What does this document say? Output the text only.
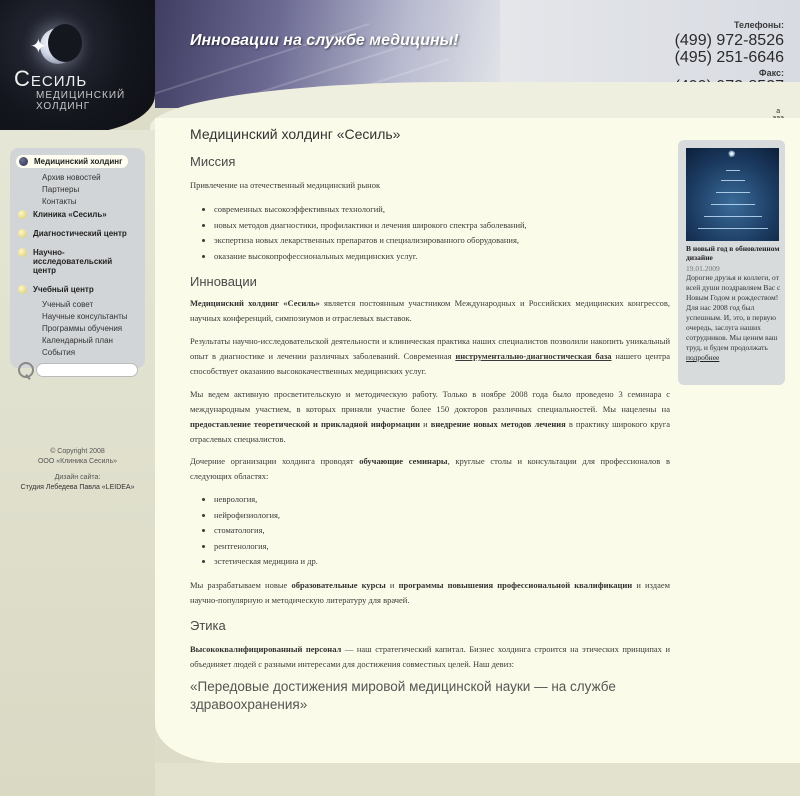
✦
Сесиль
МЕДИЦИНСКИЙ ХОЛДИНГ
Телефоны:
(499) 972-8526
(495) 251-6646
Факс:
Инновации на службе медицины!
a
Медицинский холдинг «Сесиль»
Миссия
Привлечение на отечественный медицинский рынок
• современных высокоэффективных технологий,
• новых методов диагностики, профилактики и лечения широкого спектра заболеваний,
• экспертиза новых лекарственных препаратов и специализированного оборудования,
• оказание высокопрофессиональных медицинских услуг.
Инновации
Медицинский холдинг «Сесиль» является постоянным участником Международных и Российских медицинских конгрессов, научных конференций, симпозиумов и отраслевых выставок.
Результаты научно-исследовательской деятельности и клиническая практика наших специалистов позволили накопить уникальный опыт в диагностике и лечении различных заболеваний. Современная инструментально-диагностическая база нашего центра способствует оказанию высококачественных медицинских услуг.
Мы ведем активную просветительскую и методическую работу. Только в ноябре 2008 года было проведено 3 семинара с международным участием, в которых приняли участие более 150 докторов различных специальностей. Мы нацелены на предоставление теоретической и прикладной информации и внедрение новых методов лечения в практику широкого круга отраслевых специалистов.
Дочерние организации холдинга проводят обучающие семинары, круглые столы и консультации для профессионалов в следующих областях:
• неврология,
• нейрофизиология,
• стоматология,
• рентгенология,
• эстетическая медицина и др.
Мы разрабатываем новые образовательные курсы и программы повышения профессиональной квалификации и издаем научно-популярную и методическую литературу для врачей.
Этика
Высококвалифицированный персонал — наш стратегический капитал. Бизнес холдинга строится на этических принципах и объединяет людей с разными интересами для достижения совместных целей. Наш девиз:
«Передовые достижения мировой медицинской науки — на службе здравоохранения»
Медицинский холдинг
Архив новостей
Партнеры
Контакты
Клиника «Сесиль»
Диагностический центр
Научно-исследовательский центр
Учебный центр
Ученый совет
Научные консультанты
Программы обучения
Календарный план
События
© Copyright 2008
ООО «Клиника Сесиль»
Дизайн сайта:
Студия Лебедева Павла «LEIDEA»
✺
В новый год в обновленном дизайне
19.01.2009
Дорогие друзья и коллеги, от всей души поздравляем Вас с Новым Годом и рождеством! Для нас 2008 год был успешным. И, это, в первую очередь, заслуга наших сотрудников. Мы ценим ваш труд, и будем продолжать подробнее
